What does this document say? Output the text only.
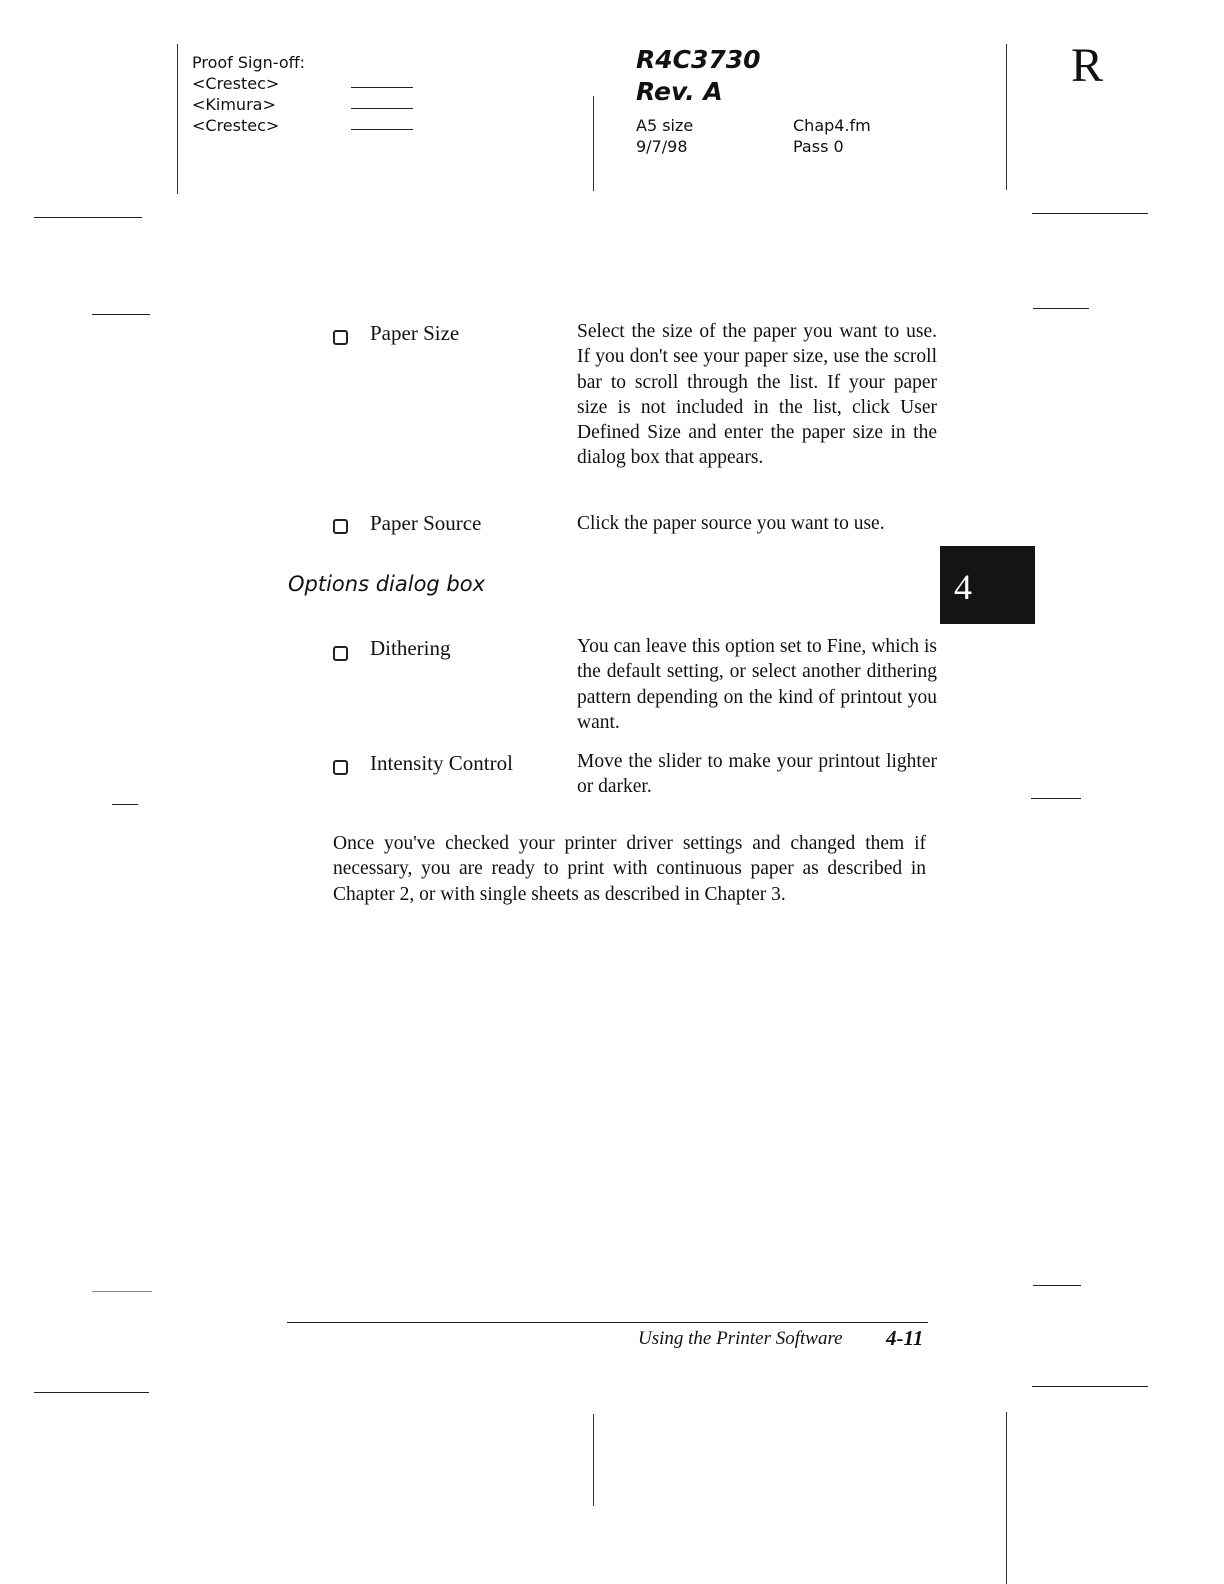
Proof Sign-off:
<Crestec>
<Kimura>
<Crestec>
R4C3730
Rev. A
A5 size
9/7/98
Chap4.fm
Pass 0
R
Paper Size	Select the size of the paper you want to use. If you don't see your paper size, use the scroll bar to scroll through the list. If your paper size is not included in the list, click User Defined Size and enter the paper size in the dialog box that appears.
Paper Source	Click the paper source you want to use.
Options dialog box	4
Dithering	You can leave this option set to Fine, which is the default setting, or select another dithering pattern depending on the kind of printout you want.
Intensity Control	Move the slider to make your printout lighter or darker.
Once you've checked your printer driver settings and changed them if necessary, you are ready to print with continuous paper as described in Chapter 2, or with single sheets as described in Chapter 3.
Using the Printer Software 4-11
